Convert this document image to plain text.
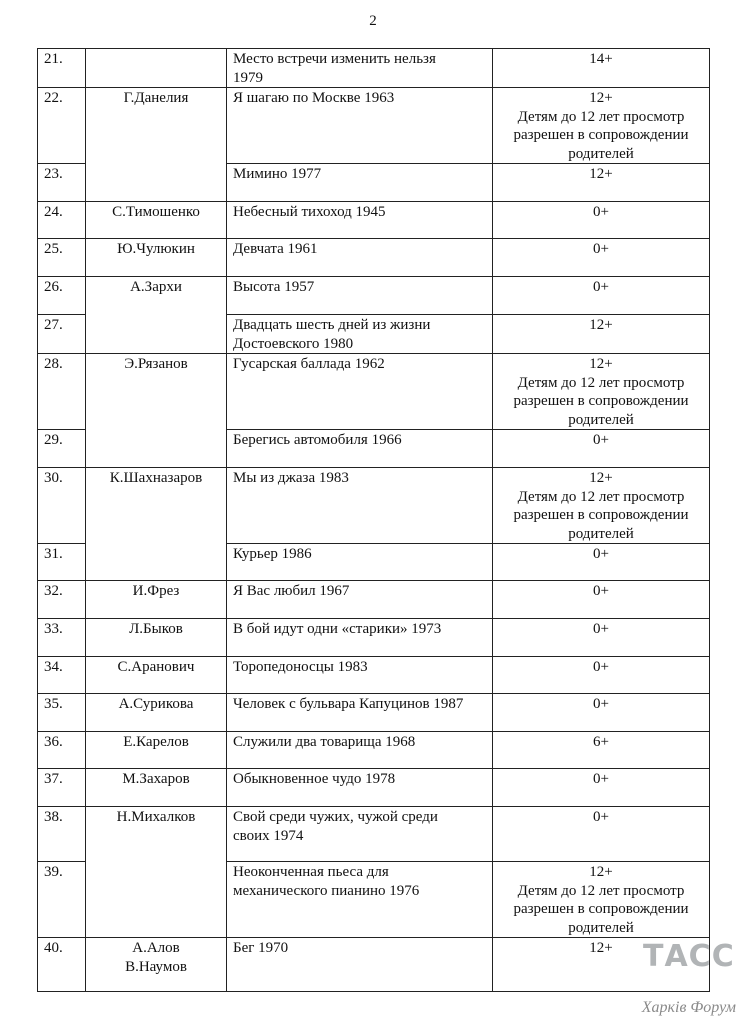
2
21.		Место встречи изменить нельзя
1979	14+

22.	Г.Данелия	Я шагаю по Москве 1963	12+
Детям до 12 лет просмотр
разрешен в сопровождении
родителей

23.		Мимино 1977	12+

24.	С.Тимошенко	Небесный тихоход 1945	0+

25.	Ю.Чулюкин	Девчата 1961	0+

26.	А.Зархи	Высота 1957	0+

27.		Двадцать шесть дней из жизни
Достоевского 1980	12+

28.	Э.Рязанов	Гусарская баллада 1962	12+
Детям до 12 лет просмотр
разрешен в сопровождении
родителей

29.		Берегись автомобиля 1966	0+

30.	К.Шахназаров	Мы из джаза 1983	12+
Детям до 12 лет просмотр
разрешен в сопровождении
родителей

31.		Курьер 1986	0+

32.	И.Фрез	Я Вас любил 1967	0+

33.	Л.Быков	В бой идут одни «старики» 1973	0+

34.	С.Аранович	Торопедоносцы 1983	0+

35.	А.Сурикова	Человек с бульвара Капуцинов 1987	0+

36.	Е.Карелов	Служили два товарища 1968	6+

37.	М.Захаров	Обыкновенное чудо 1978	0+

38.	Н.Михалков	Свой среди чужих, чужой среди
своих 1974	0+

39.		Неоконченная пьеса для
механического пианино 1976	12+
Детям до 12 лет просмотр
разрешен в сопровождении
родителей

40.	А.Алов
В.Наумов	Бег 1970	12+	ТАСС
Харків Форум
